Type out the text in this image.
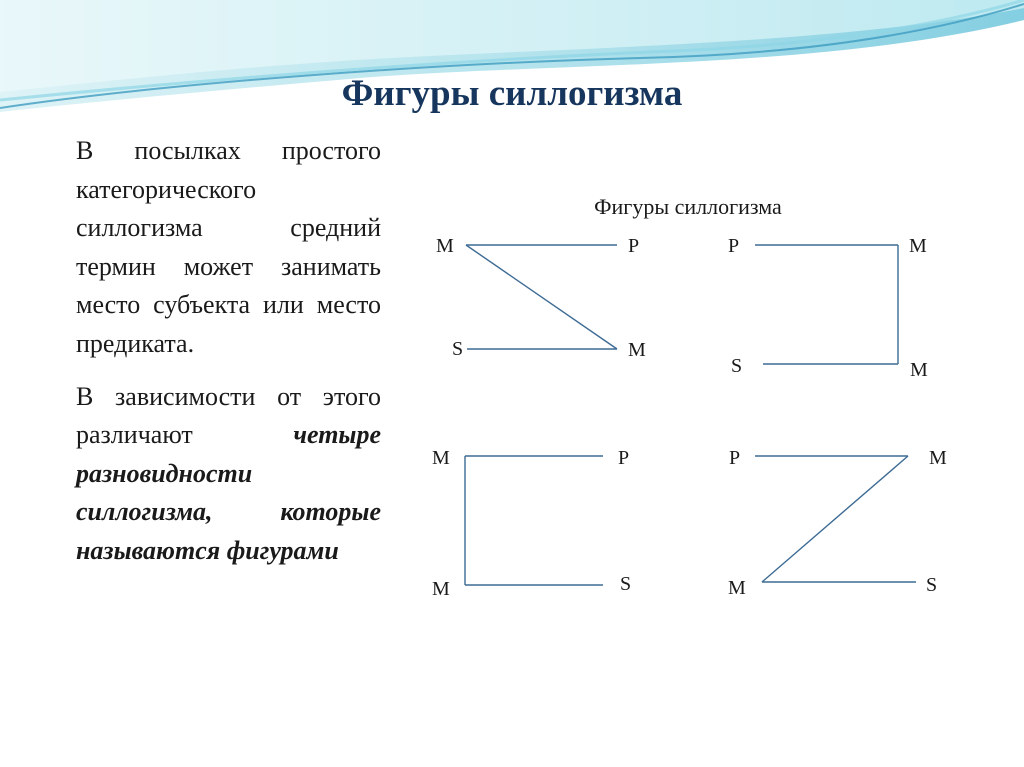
Фигуры силлогизма

В посылках простого категорического силлогизма средний термин может занимать место субъекта или место предиката.

В зависимости от этого различают четыре разновидности силлогизма, которые называются фигурами

Фигуры силлогизма
M	P
S	M
P	M
S	M
M	P
M	S
P	M
M	S
